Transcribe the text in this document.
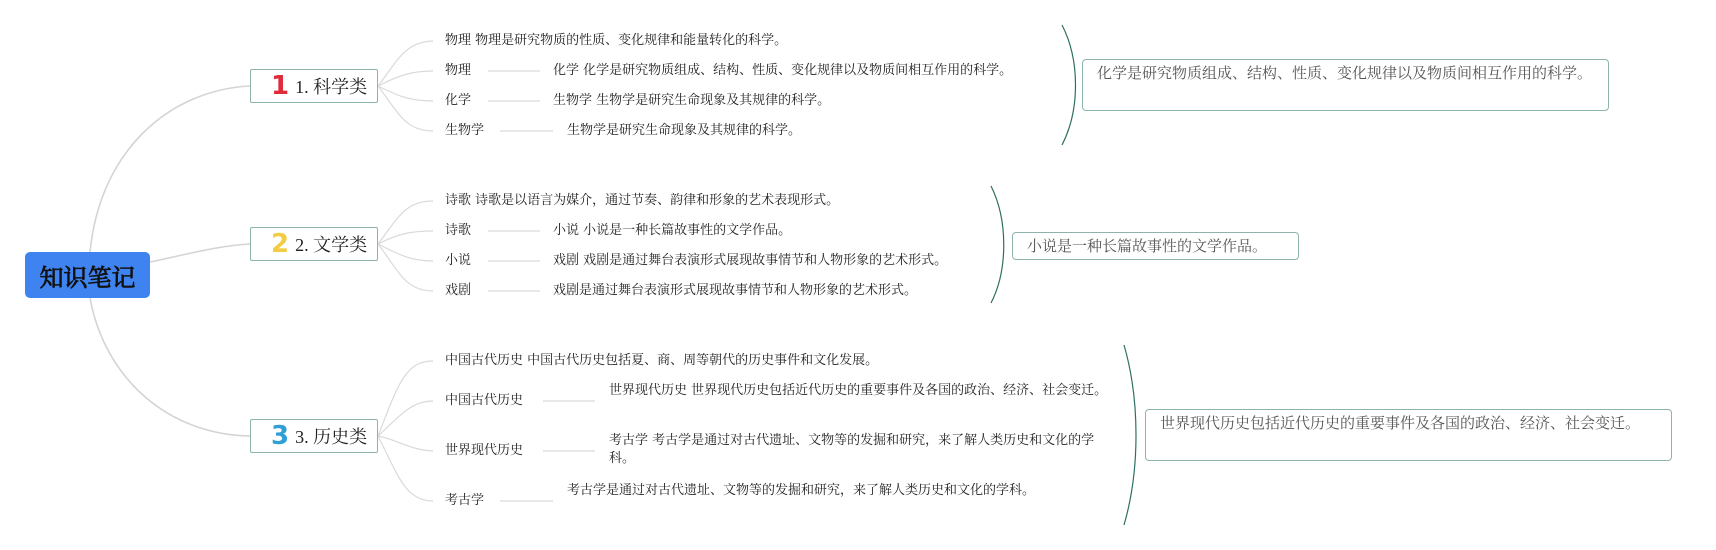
知识笔记
1 1. 科学类
物理 物理是研究物质的性质、变化规律和能量转化的科学。
物理	化学 化学是研究物质组成、结构、性质、变化规律以及物质间相互作用的科学。
化学	生物学 生物学是研究生命现象及其规律的科学。
生物学	生物学是研究生命现象及其规律的科学。
化学是研究物质组成、结构、性质、变化规律以及物质间相互作用的科学。
2 2. 文学类
诗歌 诗歌是以语言为媒介，通过节奏、韵律和形象的艺术表现形式。
诗歌	小说 小说是一种长篇故事性的文学作品。
小说	戏剧 戏剧是通过舞台表演形式展现故事情节和人物形象的艺术形式。
戏剧	戏剧是通过舞台表演形式展现故事情节和人物形象的艺术形式。
小说是一种长篇故事性的文学作品。
3 3. 历史类
中国古代历史 中国古代历史包括夏、商、周等朝代的历史事件和文化发展。
中国古代历史
世界现代历史 世界现代历史包括近代历史的重要事件及各国的政治、经济、社会变迁。
世界现代历史
考古学 考古学是通过对古代遗址、文物等的发掘和研究，来了解人类历史和文化的学科。
考古学
考古学是通过对古代遗址、文物等的发掘和研究，来了解人类历史和文化的学科。
世界现代历史包括近代历史的重要事件及各国的政治、经济、社会变迁。
